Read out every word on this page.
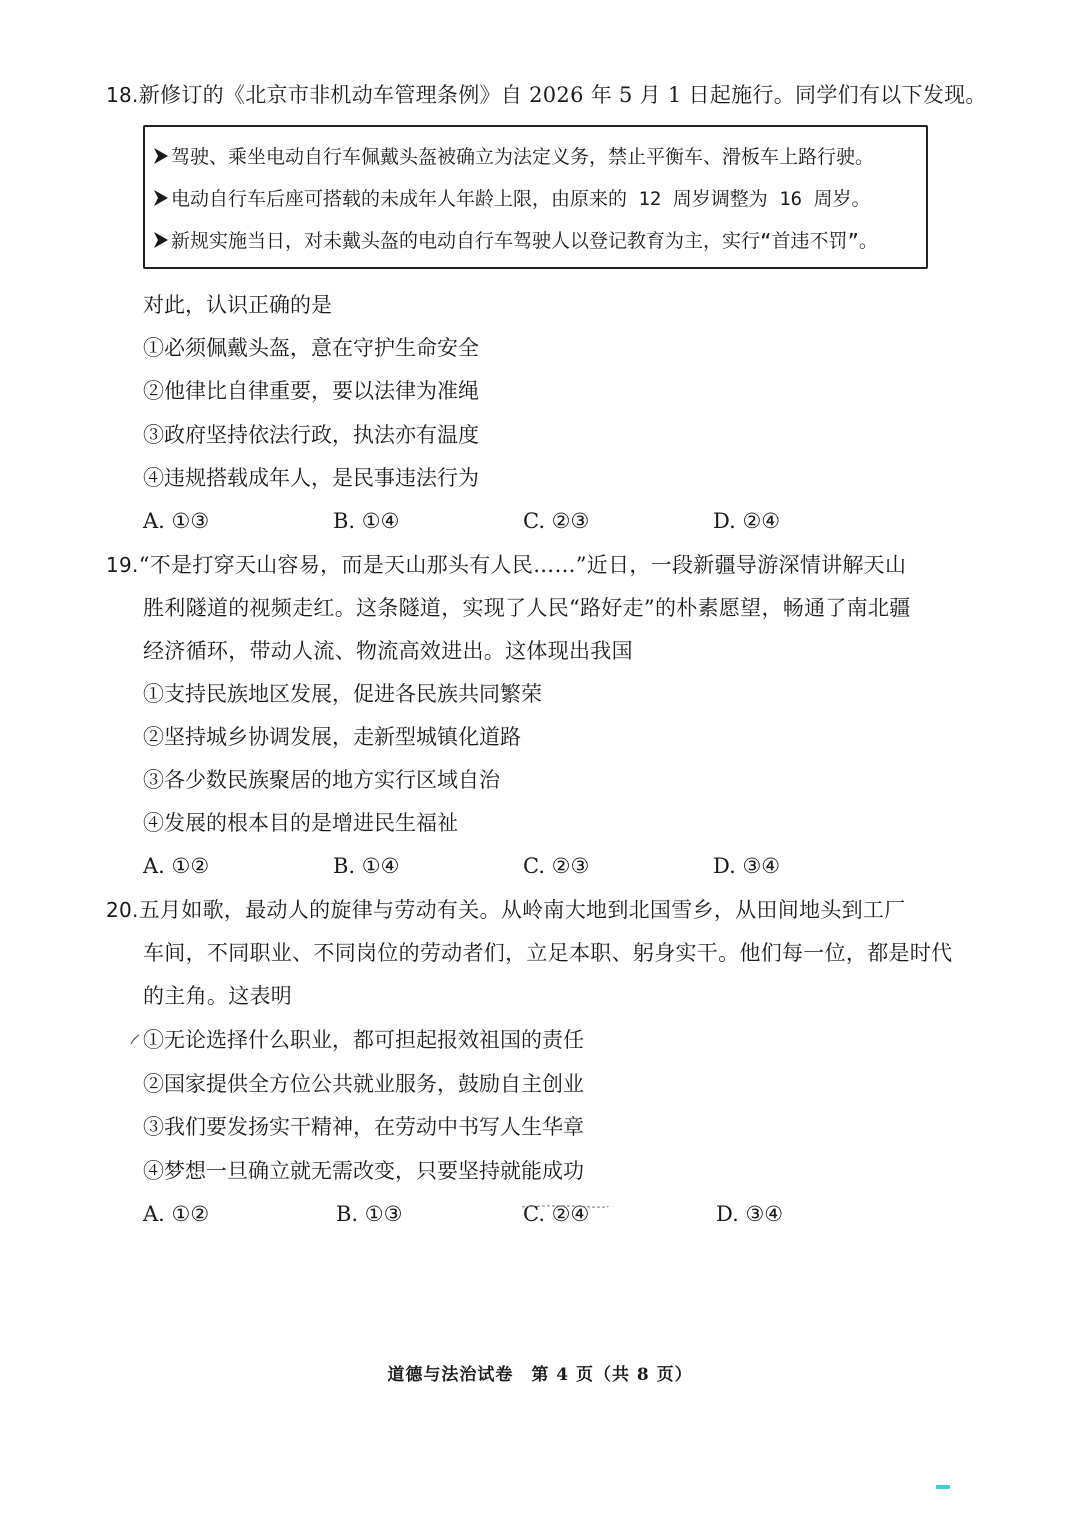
18.新修订的《北京市非机动车管理条例》自 2026 年 5 月 1 日起施行。同学们有以下发现。
驾驶、乘坐电动自行车佩戴头盔被确立为法定义务，禁止平衡车、滑板车上路行驶。
电动自行车后座可搭载的未成年人年龄上限，由原来的 12 周岁调整为 16 周岁。
新规实施当日，对未戴头盔的电动自行车驾驶人以登记教育为主，实行“首违不罚”。
对此，认识正确的是
①必须佩戴头盔，意在守护生命安全
②他律比自律重要，要以法律为准绳
③政府坚持依法行政，执法亦有温度
④违规搭载成年人，是民事违法行为
A. ①③	B. ①④	C. ②③	D. ②④
19.“不是打穿天山容易，而是天山那头有人民……”近日，一段新疆导游深情讲解天山
胜利隧道的视频走红。这条隧道，实现了人民“路好走”的朴素愿望，畅通了南北疆
经济循环，带动人流、物流高效进出。这体现出我国
①支持民族地区发展，促进各民族共同繁荣
②坚持城乡协调发展，走新型城镇化道路
③各少数民族聚居的地方实行区域自治
④发展的根本目的是增进民生福祉
A. ①②	B. ①④	C. ②③	D. ③④
20.五月如歌，最动人的旋律与劳动有关。从岭南大地到北国雪乡，从田间地头到工厂
车间，不同职业、不同岗位的劳动者们，立足本职、躬身实干。他们每一位，都是时代
的主角。这表明
①无论选择什么职业，都可担起报效祖国的责任
②国家提供全方位公共就业服务，鼓励自主创业
③我们要发扬实干精神，在劳动中书写人生华章
④梦想一旦确立就无需改变，只要坚持就能成功
A. ①②	B. ①③	C. ②④	D. ③④
道德与法治试卷　第 4 页（共 8 页）
